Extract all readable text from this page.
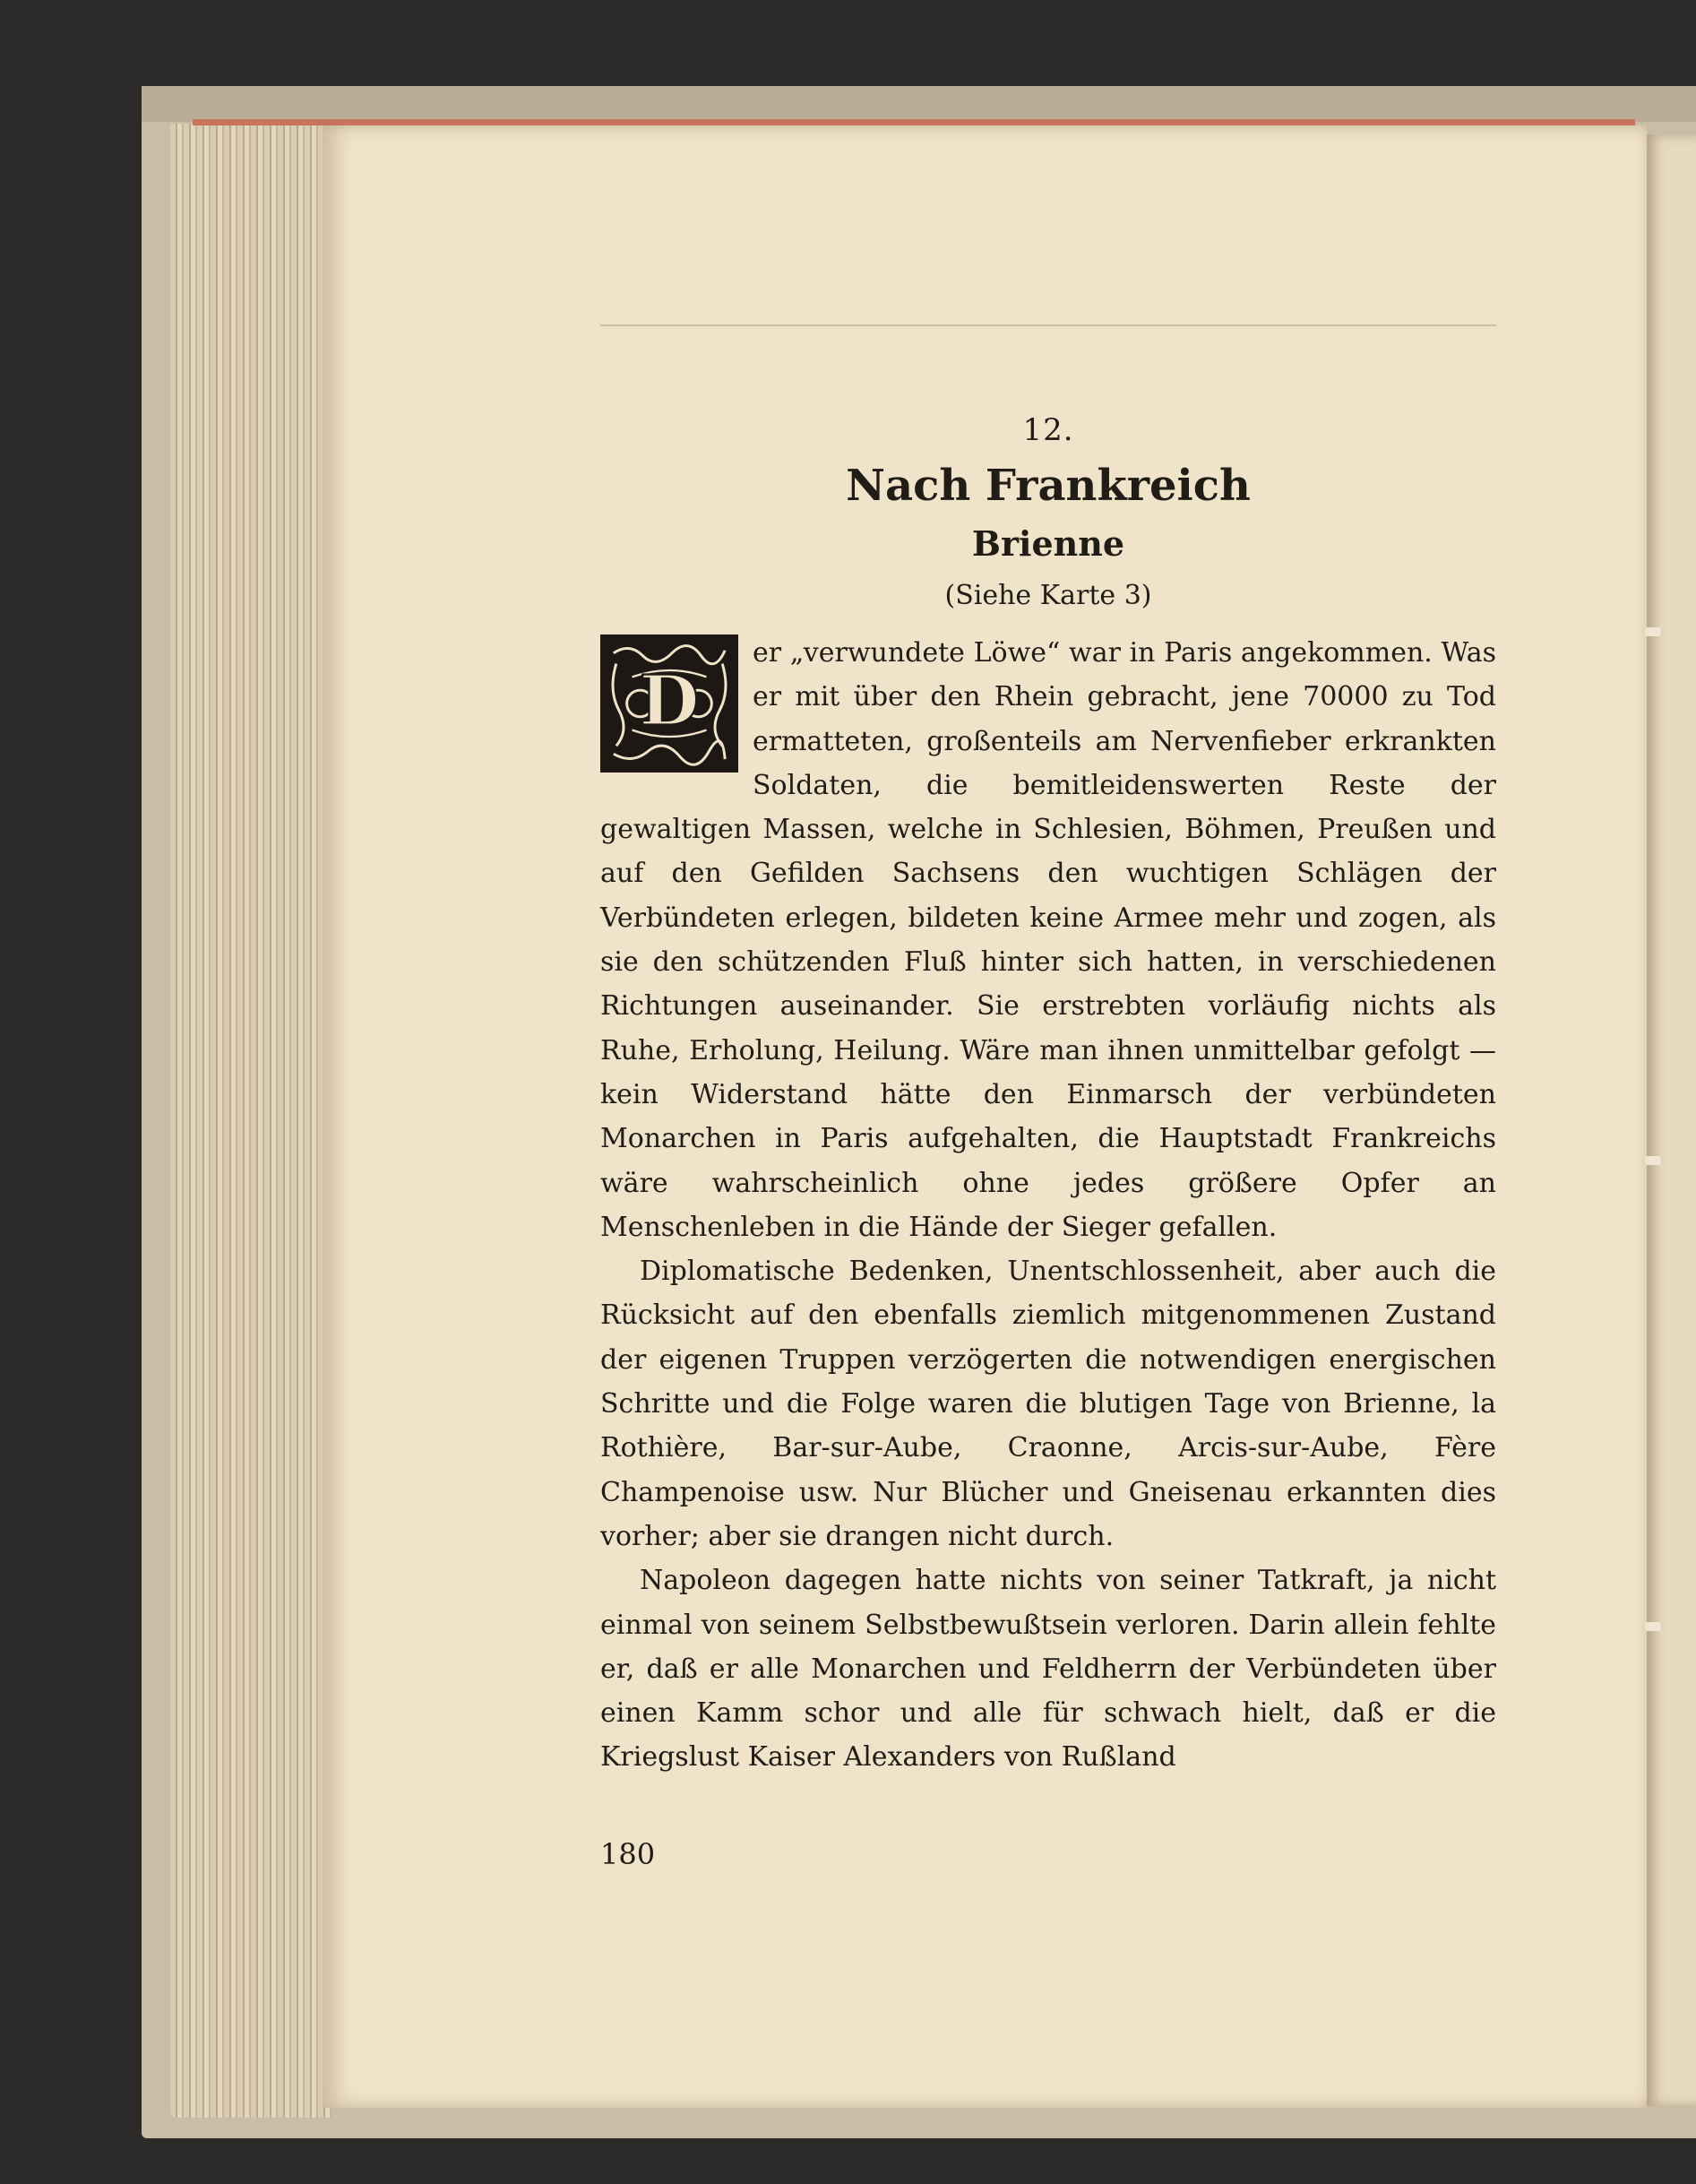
12.
Nach Frankreich
Brienne
(Siehe Karte 3)

D
er „verwundete Löwe“ war in Paris angekommen. Was er mit über den Rhein gebracht, jene 70000 zu Tod ermatteten, großenteils am Nervenfieber erkrankten Soldaten, die bemitleidenswerten Reste der gewaltigen Massen, welche in Schlesien, Böhmen, Preußen und auf den Gefilden Sachsens den wuchtigen Schlägen der Verbündeten erlegen, bildeten keine Armee mehr und zogen, als sie den schützenden Fluß hinter sich hatten, in verschiedenen Richtungen auseinander. Sie erstrebten vorläufig nichts als Ruhe, Erholung, Heilung. Wäre man ihnen unmittelbar gefolgt — kein Widerstand hätte den Einmarsch der verbündeten Monarchen in Paris aufgehalten, die Hauptstadt Frankreichs wäre wahrscheinlich ohne jedes größere Opfer an Menschenleben in die Hände der Sieger gefallen.

Diplomatische Bedenken, Unentschlossenheit, aber auch die Rücksicht auf den ebenfalls ziemlich mitgenommenen Zustand der eigenen Truppen verzögerten die notwendigen energischen Schritte und die Folge waren die blutigen Tage von Brienne, la Rothière, Bar-sur-Aube, Craonne, Arcis-sur-Aube, Fère Champenoise usw. Nur Blücher und Gneisenau erkannten dies vorher; aber sie drangen nicht durch.

Napoleon dagegen hatte nichts von seiner Tatkraft, ja nicht einmal von seinem Selbstbewußtsein verloren. Darin allein fehlte er, daß er alle Monarchen und Feldherrn der Verbündeten über einen Kamm schor und alle für schwach hielt, daß er die Kriegslust Kaiser Alexanders von Rußland

180
